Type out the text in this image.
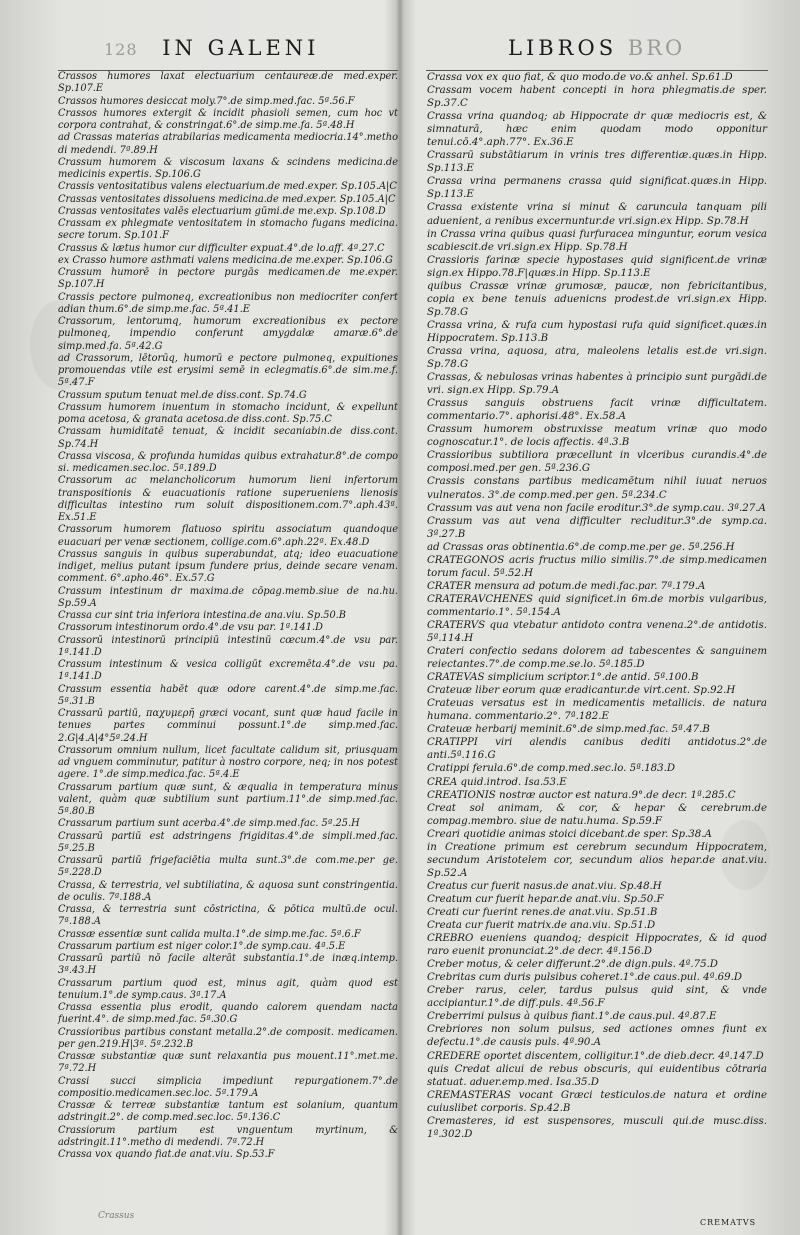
128 IN GALENI	LIBROS BRO
Crassos humores laxat electuarium centaureæ.de med.exper. Sp.107.E
Crassos humores desiccat moly.7°.de simp.med.fac. 5ª.56.F
Crassos humores extergit & incidit phasioli semen, cum hoc vt corpora contrahat, & constringat.6°.de simp.me.fa. 5ª.48.H
ad Crassas materias atrabilarias medicamenta mediocria.14°.metho di medendi. 7ª.89.H
Crassum humorem & viscosum laxans & scindens medicina.de medicinis expertis. Sp.106.G
Crassis ventositatibus valens electuarium.de med.exper. Sp.105.A|C
Crassas ventositates dissoluens medicina.de med.exper. Sp.105.A|C
Crassas ventositates valēs electuarium gūmi.de me.exp. Sp.108.D
Crassam ex phlegmate ventositatem in stomacho fugans medicina. secre torum. Sp.101.F
Crassus & lætus humor cur difficulter expuat.4°.de lo.aff. 4ª.27.C
ex Crasso humore asthmati valens medicina.de me.exper. Sp.106.G
Crassum humorē in pectore purgās medicamen.de me.exper. Sp.107.H
Crassis pectore pulmoneq, excreationibus non mediocriter confert adian thum.6°.de simp.me.fac. 5ª.41.E
Crassorum, lentorumq, humorum excreationibus ex pectore pulmoneq, impendio conferunt amygdalæ amaræ.6°.de simp.med.fa. 5ª.42.G
ad Crassorum, lētorūq, humorū e pectore pulmoneq, expuitiones promouendas vtile est erysimi semē in eclegmatis.6°.de sim.me.f. 5ª.47.F
Crassum sputum tenuat mel.de diss.cont. Sp.74.G
Crassum humorem inuentum in stomacho incidunt, & expellunt poma acetosa, & granata acetosa.de diss.cont. Sp.75.C
Crassam humiditatē tenuat, & incidit secaniabin.de diss.cont. Sp.74.H
Crassa viscosa, & profunda humidas quibus extrahatur.8°.de compo si. medicamen.sec.loc. 5ª.189.D
Crassorum ac melancholicorum humorum lieni infertorum transpositionis & euacuationis ratione superueniens lienosis difficultas intestino rum soluit dispositionem.com.7°.aph.43ª. Ex.51.E
Crassorum humorem flatuoso spiritu associatum quandoque euacuari per venæ sectionem, collige.com.6°.aph.22ª. Ex.48.D
Crassus sanguis in quibus superabundat, atq; ideo euacuatione indiget, melius putant ipsum fundere prius, deinde secare venam. comment. 6°.apho.46°. Ex.57.G
Crassum intestinum dr maxima.de cōpag.memb.siue de na.hu. Sp.59.A
Crassa cur sint tria inferiora intestina.de ana.viu. Sp.50.B
Crassorum intestinorum ordo.4°.de vsu par. 1ª.141.D
Crassorū intestinorū principiū intestinū cœcum.4°.de vsu par. 1ª.141.D
Crassum intestinum & vesica colligūt excremēta.4°.de vsu pa. 1ª.141.D
Crassum essentia habēt quæ odore carent.4°.de simp.me.fac. 5ª.31.B
Crassarū partiū, παχυμερῆ græci vocant, sunt quæ haud facile in tenues partes comminui possunt.1°.de simp.med.fac. 2.G|4.A|4°5ª.24.H
Crassorum omnium nullum, licet facultate calidum sit, priusquam ad vnguem comminutur, patitur à nostro corpore, neq; in nos potest agere. 1°.de simp.medica.fac. 5ª.4.E
Crassarum partium quæ sunt, & æqualia in temperatura minus valent, quàm quæ subtilium sunt partium.11°.de simp.med.fac. 5ª.80.B
Crassarum partium sunt acerba.4°.de simp.med.fac. 5ª.25.H
Crassarū partiū est adstringens frigiditas.4°.de simpli.med.fac. 5ª.25.B
Crassarū partiū frigefaciētia multa sunt.3°.de com.me.per ge. 5ª.228.D
Crassa, & terrestria, vel subtiliatina, & aquosa sunt constringentia. de oculis. 7ª.188.A
Crassa, & terrestria sunt cōstrictina, & pōtica multū.de ocul. 7ª.188.A
Crassæ essentiæ sunt calida multa.1°.de simp.me.fac. 5ª.6.F
Crassarum partium est niger color.1°.de symp.cau. 4ª.5.E
Crassarū partiū nō facile alterāt substantia.1°.de inæq.intemp. 3ª.43.H
Crassarum partium quod est, minus agit, quàm quod est tenuium.1°.de symp.caus. 3ª.17.A
Crassa essentia plus erodit, quando calorem quendam nacta fuerint.4°. de simp.med.fac. 5ª.30.G
Crassioribus partibus constant metalla.2°.de composit. medicamen. per gen.219.H|3ª. 5ª.232.B
Crassæ substantiæ quæ sunt relaxantia pus mouent.11°.met.me. 7ª.72.H
Crassi succi simplicia impediunt repurgationem.7°.de compositio.medicamen.sec.loc. 5ª.179.A
Crassæ & terreæ substantiæ tantum est solanium, quantum adstringit.2°. de comp.med.sec.loc. 5ª.136.C
Crassiorum partium est vnguentum myrtinum, & adstringit.11°.metho di medendi. 7ª.72.H
Crassa vox quando fiat.de anat.viu. Sp.53.F
Crassa vox ex quo fiat, & quo modo.de vo.& anhel. Sp.61.D
Crassam vocem habent concepti in hora phlegmatis.de sper. Sp.37.C
Crassa vrina quandoq; ab Hippocrate dr quæ mediocris est, & simnaturā, hæc enim quodam modo opponitur tenui.cō.4°.aph.77°. Ex.36.E
Crassarū substātiarum in vrinis tres differentiæ.quæs.in Hipp. Sp.113.E
Crassa vrina permanens crassa quid significat.quæs.in Hipp. Sp.113.E
Crassa existente vrina si minut & caruncula tanquam pili aduenient, a renibus excernuntur.de vri.sign.ex Hipp. Sp.78.H
in Crassa vrina quibus quasi furfuracea minguntur, eorum vesica scabiescit.de vri.sign.ex Hipp. Sp.78.H
Crassioris farinæ specie hypostases quid significent.de vrinæ sign.ex Hippo.78.F|quæs.in Hipp. Sp.113.E
quibus Crassæ vrinæ grumosæ, paucæ, non febricitantibus, copia ex bene tenuis aduenicns prodest.de vri.sign.ex Hipp. Sp.78.G
Crassa vrina, & rufa cum hypostasi rufa quid significet.quæs.in Hippocratem. Sp.113.B
Crassa vrina, aquosa, atra, maleolens letalis est.de vri.sign. Sp.78.G
Crassas, & nebulosas vrinas habentes à principio sunt purgādi.de vri. sign.ex Hipp. Sp.79.A
Crassus sanguis obstruens facit vrinæ difficultatem. commentario.7°. aphorisi.48°. Ex.58.A
Crassum humorem obstruxisse meatum vrinæ quo modo cognoscatur.1°. de locis affectis. 4ª.3.B
Crassioribus subtiliora præcellunt in vlceribus curandis.4°.de composi.med.per gen. 5ª.236.G
Crassis constans partibus medicamētum nihil iuuat neruos vulneratos. 3°.de comp.med.per gen. 5ª.234.C
Crassum vas aut vena non facile eroditur.3°.de symp.cau. 3ª.27.A
Crassum vas aut vena difficulter recluditur.3°.de symp.ca. 3ª.27.B
ad Crassas oras obtinentia.6°.de comp.me.per ge. 5ª.256.H
CRATEGONOS acris fructus milio similis.7°.de simp.medicamen torum facul. 5ª.52.H
CRATER mensura ad potum.de medi.fac.par. 7ª.179.A
CRATERAVCHENES quid significet.in 6m.de morbis vulgaribus, commentario.1°. 5ª.154.A
CRATERVS qua vtebatur antidoto contra venena.2°.de antidotis. 5ª.114.H
Crateri confectio sedans dolorem ad tabescentes & sanguinem reiectantes.7°.de comp.me.se.lo. 5ª.185.D
CRATEVAS simplicium scriptor.1°.de antid. 5ª.100.B
Crateuæ liber eorum quæ eradicantur.de virt.cent. Sp.92.H
Crateuas versatus est in medicamentis metallicis. de natura humana. commentario.2°. 7ª.182.E
Crateuæ herbarij meminit.6°.de simp.med.fac. 5ª.47.B
CRATIPPI viri alendis canibus dediti antidotus.2°.de anti.5ª.116.G
Cratippi ferula.6°.de comp.med.sec.lo. 5ª.183.D
CREA quid.introd. Isa.53.E
CREATIONIS nostræ auctor est natura.9°.de decr. 1ª.285.C
Creat sol animam, & cor, & hepar & cerebrum.de compag.membro. siue de natu.huma. Sp.59.F
Creari quotidie animas stoici dicebant.de sper. Sp.38.A
in Creatione primum est cerebrum secundum Hippocratem, secundum Aristotelem cor, secundum alios hepar.de anat.viu. Sp.52.A
Creatus cur fuerit nasus.de anat.viu. Sp.48.H
Creatum cur fuerit hepar.de anat.viu. Sp.50.F
Creati cur fuerint renes.de anat.viu. Sp.51.B
Creata cur fuerit matrix.de ana.viu. Sp.51.D
CREBRO eueniens quandoq; despicit Hippocrates, & id quod raro euenit pronunciat.2°.de decr. 4ª.156.D
Creber motus, & celer differunt.2°.de dign.puls. 4ª.75.D
Crebritas cum duris pulsibus coheret.1°.de caus.pul. 4ª.69.D
Creber rarus, celer, tardus pulsus quid sint, & vnde accipiantur.1°.de diff.puls. 4ª.56.F
Creberrimi pulsus à quibus fiant.1°.de caus.pul. 4ª.87.E
Crebriores non solum pulsus, sed actiones omnes fiunt ex defectu.1°.de causis puls. 4ª.90.A
CREDERE oportet discentem, colligitur.1°.de dieb.decr. 4ª.147.D
quis Credat alicui de rebus obscuris, qui euidentibus cōtraria statuat. aduer.emp.med. Isa.35.D
CREMASTERAS vocant Græci testiculos.de natura et ordine cuiuslibet corporis. Sp.42.B
Cremasteres, id est suspensores, musculi qui.de musc.diss. 1ª.302.D
Crassus
CREMATVS
